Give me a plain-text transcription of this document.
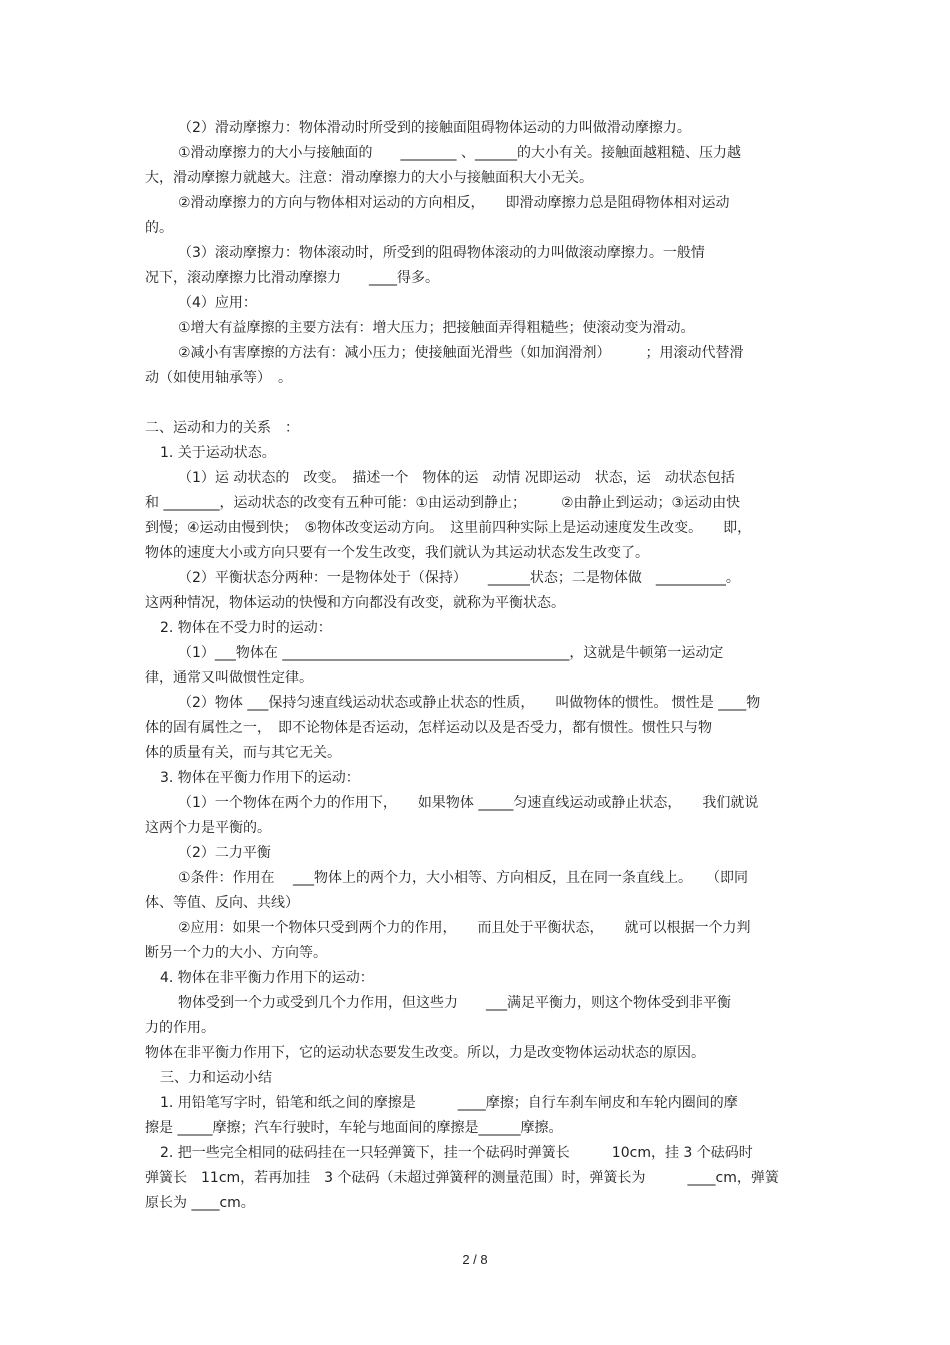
（2）滑动摩擦力：物体滑动时所受到的接触面阻碍物体运动的力叫做滑动摩擦力。
①滑动摩擦力的大小与接触面的　　________ 、______的大小有关。接触面越粗糙、压力越
大，滑动摩擦力就越大。注意：滑动摩擦力的大小与接触面积大小无关。
②滑动摩擦力的方向与物体相对运动的方向相反，　　即滑动摩擦力总是阻碍物体相对运动
的。
（3）滚动摩擦力：物体滚动时，所受到的阻碍物体滚动的力叫做滚动摩擦力。一般情
况下，滚动摩擦力比滑动摩擦力　　____得多。
（4）应用：
①增大有益摩擦的主要方法有：增大压力；把接触面弄得粗糙些；使滚动变为滑动。
②减小有害摩擦的方法有：减小压力；使接触面光滑些（如加润滑剂）　　　；用滚动代替滑
动（如使用轴承等）　。
二、运动和力的关系　：
1. 关于运动状态。
（1）运 动状态的　改变。　描述一个　物体的运　动情 况即运动　状态，运　动状态包括
和 ________，运动状态的改变有五种可能：①由运动到静止；　　　②由静止到运动；③运动由快
到慢；④运动由慢到快；　⑤物体改变运动方向。　这里前四种实际上是运动速度发生改变。　　即，
物体的速度大小或方向只要有一个发生改变，我们就认为其运动状态发生改变了。
（2）平衡状态分两种：一是物体处于（保持）　　______状态；二是物体做　__________。
这两种情况，物体运动的快慢和方向都没有改变，就称为平衡状态。
2. 物体在不受力时的运动：
（1）___物体在 _________________________________________，这就是牛顿第一运动定
律，通常又叫做惯性定律。
（2）物体 ___保持匀速直线运动状态或静止状态的性质，　　叫做物体的惯性。 惯性是 ____物
体的固有属性之一，　即不论物体是否运动，怎样运动以及是否受力，都有惯性。惯性只与物
体的质量有关，而与其它无关。
3. 物体在平衡力作用下的运动：
（1）一个物体在两个力的作用下，　　如果物体 _____匀速直线运动或静止状态，　　我们就说
这两个力是平衡的。
（2）二力平衡
①条件：作用在 　___物体上的两个力，大小相等、方向相反，且在同一条直线上。　　（即同
体、等值、反向、共线）
②应用：如果一个物体只受到两个力的作用，　　而且处于平衡状态，　　就可以根据一个力判
断另一个力的大小、方向等。
4. 物体在非平衡力作用下的运动：
物体受到一个力或受到几个力作用，但这些力　　___满足平衡力，则这个物体受到非平衡
力的作用。
物体在非平衡力作用下，它的运动状态要发生改变。所以，力是改变物体运动状态的原因。
三、力和运动小结
1. 用铅笔写字时，铅笔和纸之间的摩擦是　　　____摩擦；自行车刹车闸皮和车轮内圈间的摩
擦是 _____摩擦；汽车行驶时，车轮与地面间的摩擦是______摩擦。
2. 把一些完全相同的砝码挂在一只轻弹簧下，挂一个砝码时弹簧长　　　10cm，挂 3 个砝码时
弹簧长　11cm，若再加挂　3 个砝码（未超过弹簧秤的测量范围）时，弹簧长为　　　____cm，弹簧
原长为 ____cm。
2 / 8
